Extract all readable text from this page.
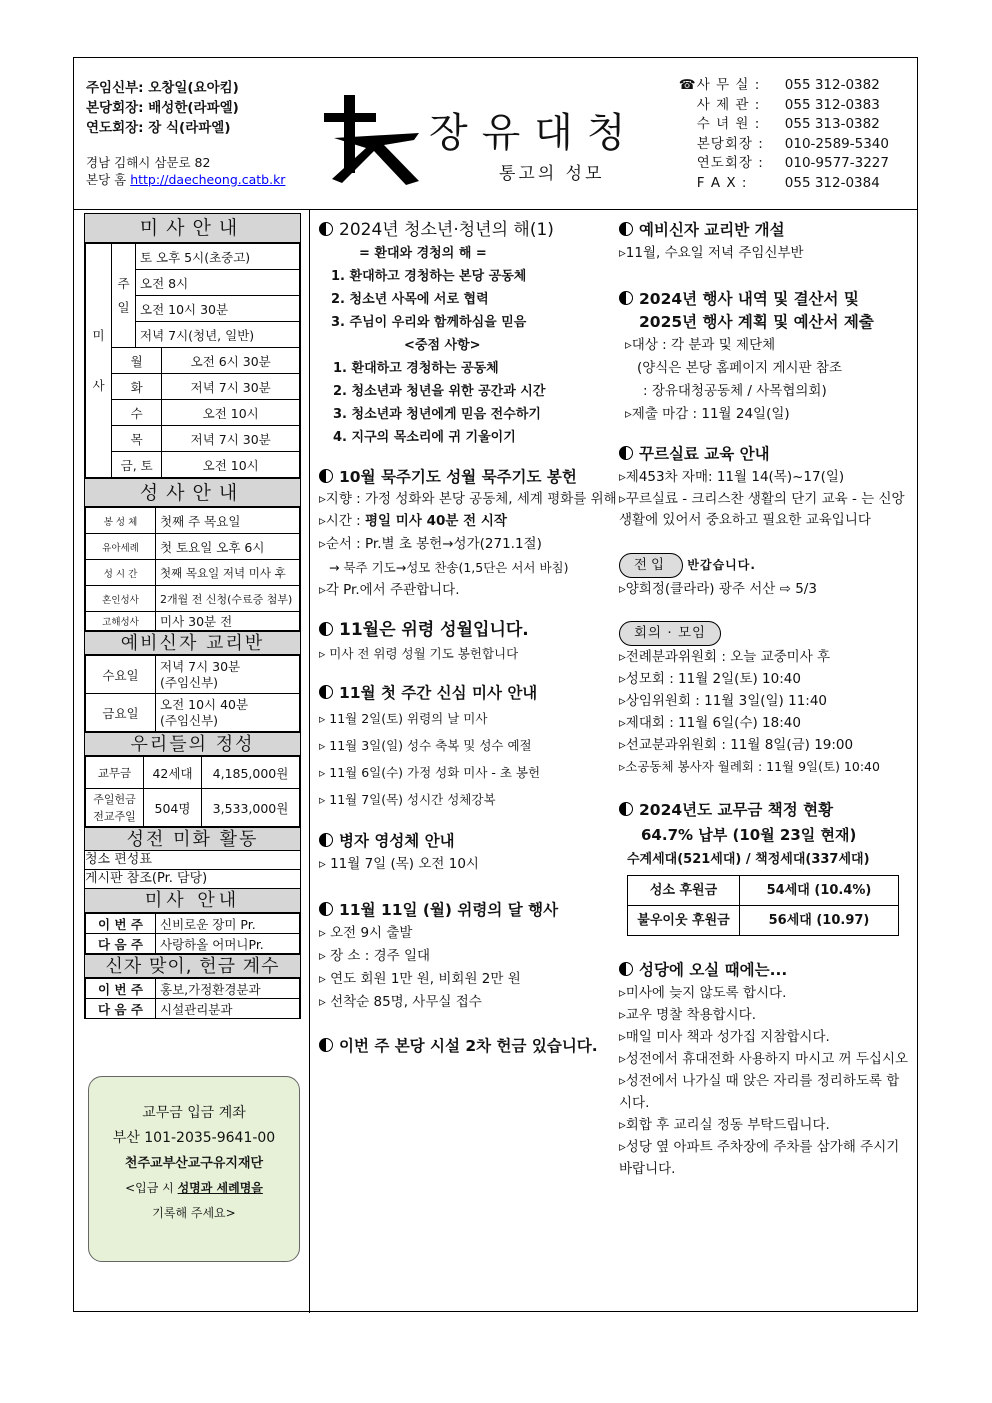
주임신부: 오창일(요아킴)
본당회장: 배성한(라파엘)
연도회장: 장 식(라파엘)
경남 김해시 삼문로 82
본당 홈 http://daecheong.catb.kr
장유대청
통고의 성모
☎ 사 무 실 :	055 312-0382
사 제 관 :	055 312-0383
수 녀 원 :	055 313-0382
본당회장 :	010-2589-5340
연도회장 :	010-9577-3227
F A X :	055 312-0384
미사안내
미사	주일	토 오후 5시(초중고)	
		오전 8시	
		오전 10시 30분	
		저녁 7시(청년, 일반)	
	월		오전 6시 30분
	화		저녁 7시 30분
	수		오전 10시
	목		저녁 7시 30분
	금, 토		오전 10시
성사안내
봉 성 체	첫째 주 목요일
유아세례	첫 토요일 오후 6시
성 시 간	첫째 목요일 저녁 미사 후
혼인성사	2개월 전 신청(수료증 첨부)
고해성사	미사 30분 전
예비신자 교리반
수요일	저녁 7시 30분
(주임신부)

금요일	오전 10시 40분
(주임신부)
우리들의 정성
교무금	42세대	4,185,000원

주일헌금
전교주일	504명	3,533,000원
성전 미화 활동
청소 편성표
게시판 참조(Pr. 담당)
미사 안내
이 번 주	신비로운 장미 Pr.
다 음 주	사랑하올 어머니Pr.
신자 맞이, 헌금 계수
이 번 주	홍보,가정환경분과
다 음 주	시설관리분과
교무금 입금 계좌
부산 101-2035-9641-00
천주교부산교구유지재단
<입금 시 성명과 세례명을
기록해 주세요>
2024년 청소년·청년의 해(1)
= 환대와 경청의 해 =
1. 환대하고 경청하는 본당 공동체
2. 청소년 사목에 서로 협력
3. 주님이 우리와 함께하심을 믿음
<중점 사항>
1. 환대하고 경청하는 공동체
2. 청소년과 청년을 위한 공간과 시간
3. 청소년과 청년에게 믿음 전수하기
4. 지구의 목소리에 귀 기울이기
10월 묵주기도 성월 묵주기도 봉헌
▹지향 : 가정 성화와 본당 공동체, 세계 평화를 위해
▹시간 : 평일 미사 40분 전 시작
▹순서 : Pr.별 초 봉헌→성가(271.1절)
→ 묵주 기도→성모 찬송(1,5단은 서서 바침)
▹각 Pr.에서 주관합니다.
11월은 위령 성월입니다.
▹ 미사 전 위령 성월 기도 봉헌합니다
11월 첫 주간 신심 미사 안내
▹ 11월 2일(토) 위령의 날 미사
▹ 11월 3일(일) 성수 축복 및 성수 예절
▹ 11월 6일(수) 가정 성화 미사 - 초 봉헌
▹ 11월 7일(목) 성시간 성체강복
병자 영성체 안내
▹ 11월 7일 (목) 오전 10시
11월 11일 (월) 위령의 달 행사
▹ 오전 9시 출발
▹ 장 소 : 경주 일대
▹ 연도 회원 1만 원, 비회원 2만 원
▹ 선착순 85명, 사무실 접수
이번 주 본당 시설 2차 헌금 있습니다.
예비신자 교리반 개설
▹11월, 수요일 저녁 주임신부반
2024년 행사 내역 및 결산서 및
2025년 행사 계획 및 예산서 제출
▹대상 : 각 분과 및 제단체
(양식은 본당 홈페이지 게시판 참조
: 장유대청공동체 / 사목협의회)
▹제출 마감 : 11월 24일(일)
꾸르실료 교육 안내
▹제453차 자매: 11월 14(목)~17(일)
▹꾸르실료 - 크리스찬 생활의 단기 교육 - 는 신앙생활에 있어서 중요하고 필요한 교육입니다
전입 반갑습니다.
▹양희정(클라라) 광주 서산 ⇨ 5/3
회의 · 모임
▹전례분과위원회 : 오늘 교중미사 후
▹성모회 : 11월 2일(토) 10:40
▹상임위원회 : 11월 3일(일) 11:40
▹제대회 : 11월 6일(수) 18:40
▹선교분과위원회 : 11월 8일(금) 19:00
▹소공동체 봉사자 월례회 : 11월 9일(토) 10:40
2024년도 교무금 책정 현황
64.7% 납부 (10월 23일 현재)
수계세대(521세대) / 책정세대(337세대)
성소 후원금	54세대 (10.4%)
불우이웃 후원금	56세대 (10.97)
성당에 오실 때에는...
▹미사에 늦지 않도록 합시다.
▹교우 명찰 착용합시다.
▹매일 미사 책과 성가집 지참합시다.
▹성전에서 휴대전화 사용하지 마시고 꺼 두십시오
▹성전에서 나가실 때 앉은 자리를 정리하도록 합시다.
▹회합 후 교리실 정동 부탁드립니다.
▹성당 옆 아파트 주차장에 주차를 삼가해 주시기 바랍니다.
